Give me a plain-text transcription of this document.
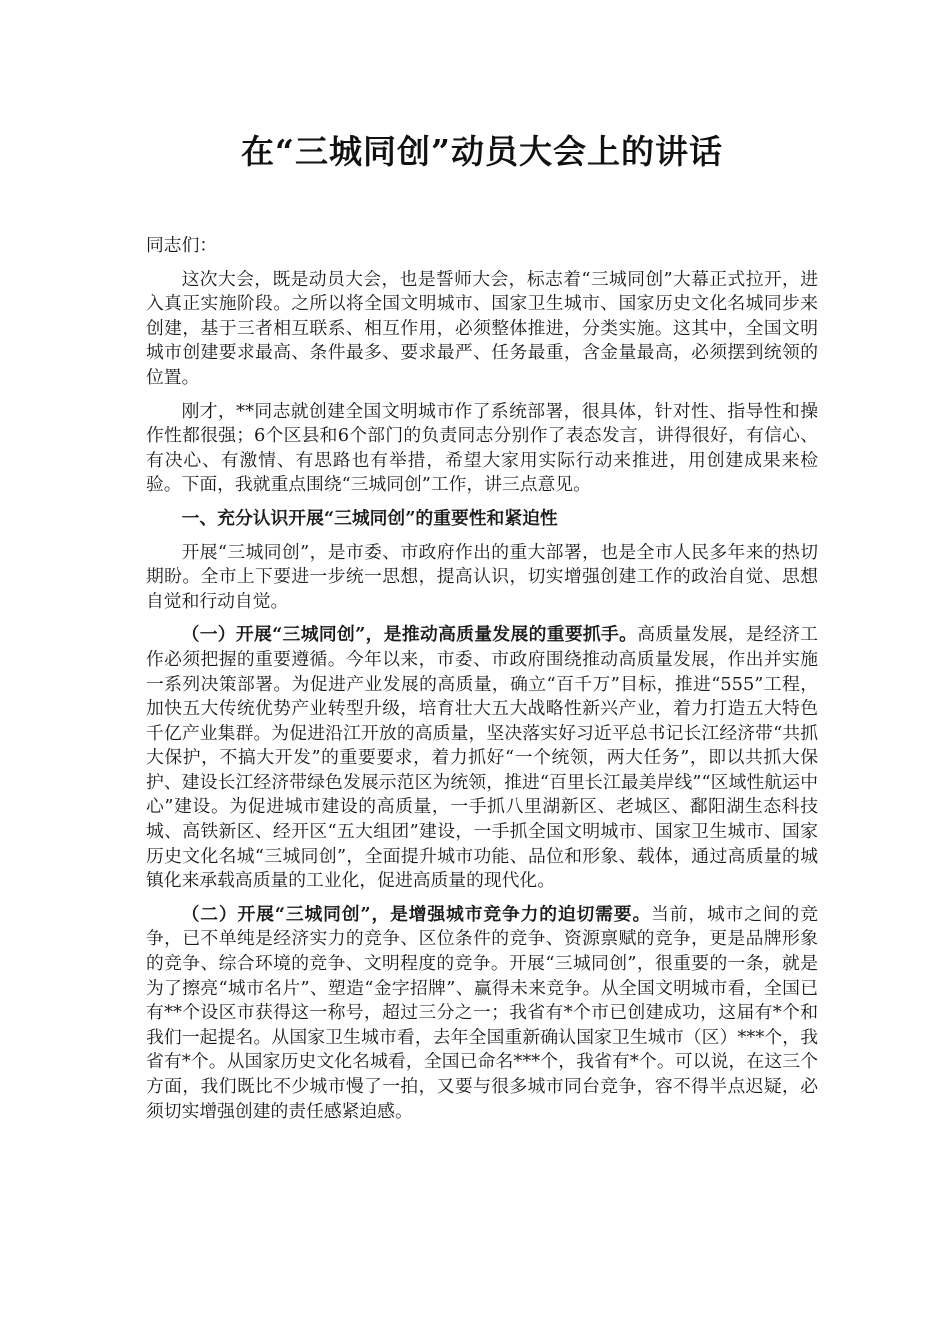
在“三城同创”动员大会上的讲话

同志们：

这次大会，既是动员大会，也是誓师大会，标志着“三城同创”大幕正式拉开，进入真正实施阶段。之所以将全国文明城市、国家卫生城市、国家历史文化名城同步来创建，基于三者相互联系、相互作用，必须整体推进，分类实施。这其中，全国文明城市创建要求最高、条件最多、要求最严、任务最重，含金量最高，必须摆到统领的位置。

刚才，**同志就创建全国文明城市作了系统部署，很具体，针对性、指导性和操作性都很强；6个区县和6个部门的负责同志分别作了表态发言，讲得很好，有信心、有决心、有激情、有思路也有举措，希望大家用实际行动来推进，用创建成果来检验。下面，我就重点围绕“三城同创”工作，讲三点意见。

一、充分认识开展“三城同创”的重要性和紧迫性

开展“三城同创”，是市委、市政府作出的重大部署，也是全市人民多年来的热切期盼。全市上下要进一步统一思想，提高认识，切实增强创建工作的政治自觉、思想自觉和行动自觉。

（一）开展“三城同创”，是推动高质量发展的重要抓手。高质量发展，是经济工作必须把握的重要遵循。今年以来，市委、市政府围绕推动高质量发展，作出并实施一系列决策部署。为促进产业发展的高质量，确立“百千万”目标，推进“555”工程，加快五大传统优势产业转型升级，培育壮大五大战略性新兴产业，着力打造五大特色千亿产业集群。为促进沿江开放的高质量，坚决落实好习近平总书记长江经济带“共抓大保护，不搞大开发”的重要要求，着力抓好“一个统领，两大任务”，即以共抓大保护、建设长江经济带绿色发展示范区为统领，推进“百里长江最美岸线”“区域性航运中心”建设。为促进城市建设的高质量，一手抓八里湖新区、老城区、鄱阳湖生态科技城、高铁新区、经开区“五大组团”建设，一手抓全国文明城市、国家卫生城市、国家历史文化名城“三城同创”，全面提升城市功能、品位和形象、载体，通过高质量的城镇化来承载高质量的工业化，促进高质量的现代化。

（二）开展“三城同创”，是增强城市竞争力的迫切需要。当前，城市之间的竞争，已不单纯是经济实力的竞争、区位条件的竞争、资源禀赋的竞争，更是品牌形象的竞争、综合环境的竞争、文明程度的竞争。开展“三城同创”，很重要的一条，就是为了擦亮“城市名片”、塑造“金字招牌”、赢得未来竞争。从全国文明城市看，全国已有**个设区市获得这一称号，超过三分之一；我省有*个市已创建成功，这届有*个和我们一起提名。从国家卫生城市看，去年全国重新确认国家卫生城市（区）***个，我省有*个。从国家历史文化名城看，全国已命名***个，我省有*个。可以说，在这三个方面，我们既比不少城市慢了一拍，又要与很多城市同台竞争，容不得半点迟疑，必须切实增强创建的责任感紧迫感。
